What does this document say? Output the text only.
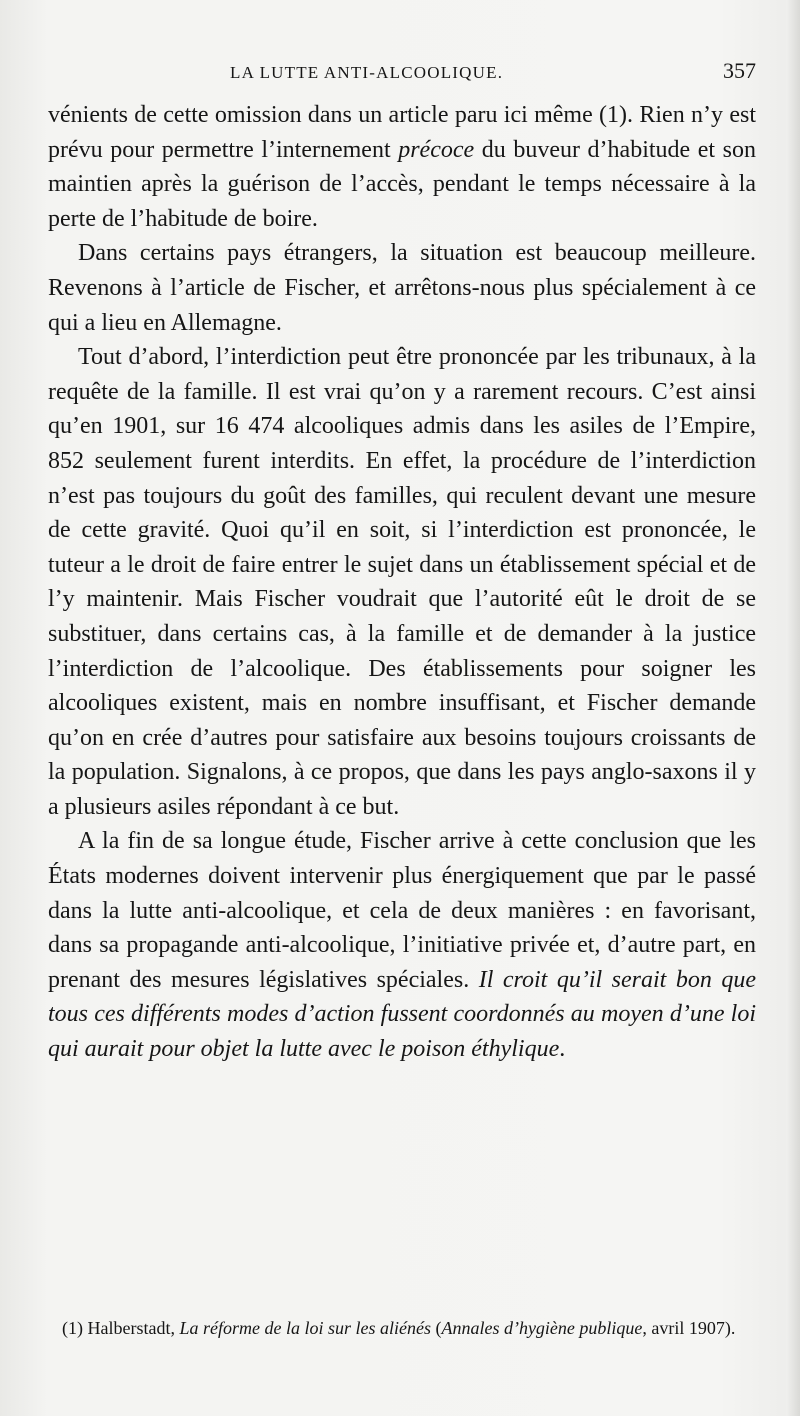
LA LUTTE ANTI-ALCOOLIQUE.	357

vénients de cette omission dans un article paru ici même (1). Rien n’y est prévu pour permettre l’internement précoce du buveur d’habitude et son maintien après la guérison de l’accès, pendant le temps nécessaire à la perte de l’habitude de boire.

Dans certains pays étrangers, la situation est beaucoup meilleure. Revenons à l’article de Fischer, et arrêtons-nous plus spécialement à ce qui a lieu en Allemagne.

Tout d’abord, l’interdiction peut être prononcée par les tribunaux, à la requête de la famille. Il est vrai qu’on y a rarement recours. C’est ainsi qu’en 1901, sur 16 474 alcooliques admis dans les asiles de l’Empire, 852 seulement furent interdits. En effet, la procédure de l’interdiction n’est pas toujours du goût des familles, qui reculent devant une mesure de cette gravité. Quoi qu’il en soit, si l’interdiction est prononcée, le tuteur a le droit de faire entrer le sujet dans un établissement spécial et de l’y maintenir. Mais Fischer voudrait que l’autorité eût le droit de se substituer, dans certains cas, à la famille et de demander à la justice l’interdiction de l’alcoolique. Des établissements pour soigner les alcooliques existent, mais en nombre insuffisant, et Fischer demande qu’on en crée d’autres pour satisfaire aux besoins toujours croissants de la population. Signalons, à ce propos, que dans les pays anglo-saxons il y a plusieurs asiles répondant à ce but.

A la fin de sa longue étude, Fischer arrive à cette conclusion que les États modernes doivent intervenir plus énergiquement que par le passé dans la lutte anti-alcoolique, et cela de deux manières : en favorisant, dans sa propagande anti-alcoolique, l’initiative privée et, d’autre part, en prenant des mesures législatives spéciales. Il croit qu’il serait bon que tous ces différents modes d’action fussent coordonnés au moyen d’une loi qui aurait pour objet la lutte avec le poison éthylique.

(1) Halberstadt, La réforme de la loi sur les aliénés (Annales d’hygiène publique, avril 1907).
